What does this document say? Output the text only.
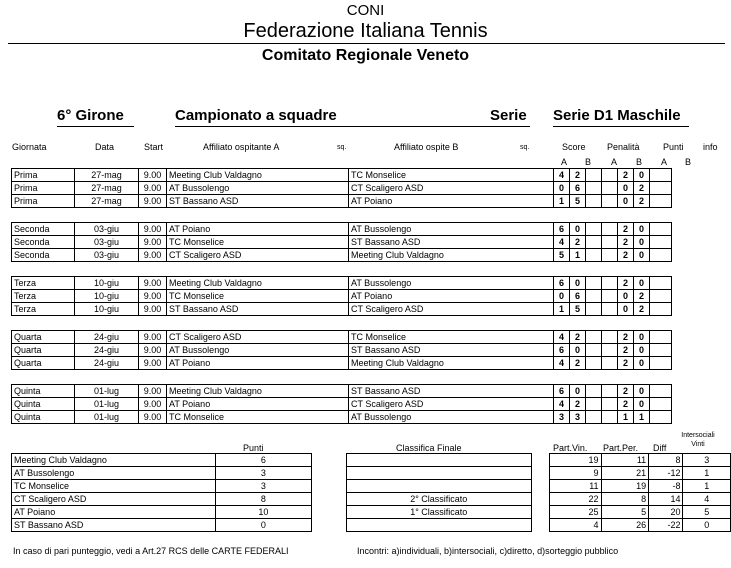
CONI
Federazione Italiana Tennis
Comitato Regionale Veneto
6° Girone	Campionato a squadre	Serie Serie D1 Maschile
Giornata	Data	Start	Affiliato ospitante A	sq.	Affiliato ospite B	sq.	Score Penalità	Punti info
A B A B A B
Prima	27-mag	9.00	Meeting Club Valdagno	TC Monselice	4	2			2	0	
Prima	27-mag	9.00	AT Bussolengo	CT Scaligero ASD	0	6			0	2	
Prima	27-mag	9.00	ST Bassano ASD	AT Poiano	1	5			0	2	
Seconda	03-giu	9.00	AT Poiano	AT Bussolengo	6	0			2	0	
Seconda	03-giu	9.00	TC Monselice	ST Bassano ASD	4	2			2	0	
Seconda	03-giu	9.00	CT Scaligero ASD	Meeting Club Valdagno	5	1			2	0	
Terza	10-giu	9.00	Meeting Club Valdagno	AT Bussolengo	6	0			2	0	
Terza	10-giu	9.00	TC Monselice	AT Poiano	0	6			0	2	
Terza	10-giu	9.00	ST Bassano ASD	CT Scaligero ASD	1	5			0	2	
Quarta	24-giu	9.00	CT Scaligero ASD	TC Monselice	4	2			2	0	
Quarta	24-giu	9.00	AT Bussolengo	ST Bassano ASD	6	0			2	0	
Quarta	24-giu	9.00	AT Poiano	Meeting Club Valdagno	4	2			2	0	
Quinta	01-lug	9.00	Meeting Club Valdagno	ST Bassano ASD	6	0			2	0	
Quinta	01-lug	9.00	AT Poiano	CT Scaligero ASD	4	2			2	0	
Quinta	01-lug	9.00	TC Monselice	AT Bussolengo	3	3			1	1	
Punti	Classifica Finale	Part.Vin. Part.Per. Diff
Intersociali Vinti
Meeting Club Valdagno	6				19	11	8	3
AT Bussolengo	3				9	21	-12	1
TC Monselice	3				11	19	-8	1
CT Scaligero ASD	8		2° Classificato		22	8	14	4
AT Poiano	10		1° Classificato		25	5	20	5
ST Bassano ASD	0				4	26	-22	0
In caso di pari punteggio, vedi a Art.27 RCS delle CARTE FEDERALI	Incontri: a)individuali, b)intersociali, c)diretto, d)sorteggio pubblico
